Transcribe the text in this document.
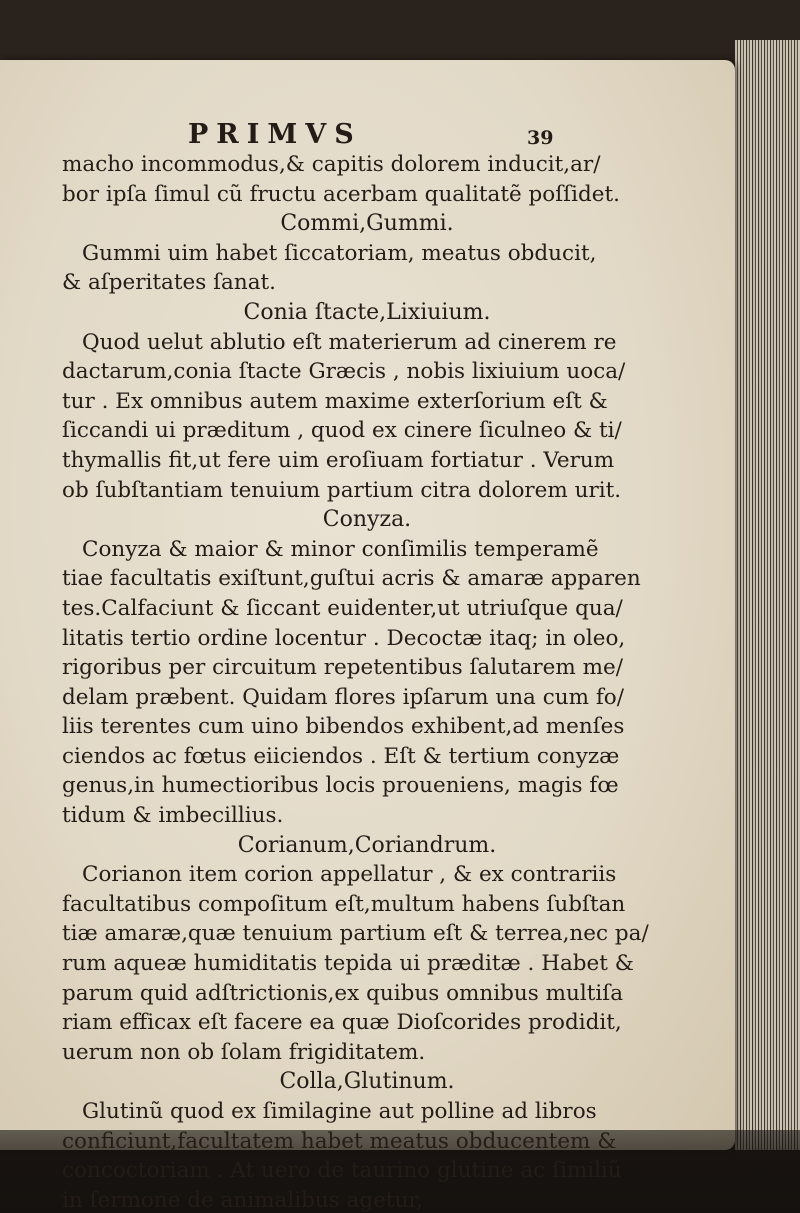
PRIMVS	39
macho incommodus,& capitis dolorem inducit,ar/
bor ipſa ſimul cũ fructu acerbam qualitatẽ poſſidet.
Commi,Gummi.
Gummi uim habet ſiccatoriam, meatus obducit,
& aſperitates ſanat.
Conia ſtacte,Lixiuium.
Quod uelut ablutio eſt materierum ad cinerem re
dactarum,conia ſtacte Græcis , nobis lixiuium uoca/
tur . Ex omnibus autem maxime exterſorium eſt &
ſiccandi ui præditum , quod ex cinere ſiculneo & ti/
thymallis fit,ut fere uim eroſiuam fortiatur . Verum
ob ſubſtantiam tenuium partium citra dolorem urit.
Conyza.
Conyza & maior & minor conſimilis temperamẽ
tiae facultatis exiſtunt,guſtui acris & amaræ apparen
tes.Calfaciunt & ſiccant euidenter,ut utriuſque qua/
litatis tertio ordine locentur . Decoctæ itaq; in oleo,
rigoribus per circuitum repetentibus ſalutarem me/
delam præbent. Quidam flores ipſarum una cum fo/
liis terentes cum uino bibendos exhibent,ad menſes
ciendos ac fœtus eiiciendos . Eſt & tertium conyzæ
genus,in humectioribus locis proueniens, magis fœ
tidum & imbecillius.
Corianum,Coriandrum.
Corianon item corion appellatur , & ex contrariis
facultatibus compoſitum eſt,multum habens ſubſtan
tiæ amaræ,quæ tenuium partium eſt & terrea,nec pa/
rum aqueæ humiditatis tepida ui præditæ . Habet &
parum quid adſtrictionis,ex quibus omnibus multiſa
riam efficax eſt facere ea quæ Dioſcorides prodidit,
uerum non ob ſolam frigiditatem.
Colla,Glutinum.
Glutinũ quod ex ſimilagine aut polline ad libros
conficiunt,facultatem habet meatus obducentem &
concoctoriam . At uero de taurino glutine ac ſimiliũ
in ſermone de animalibus agetur,
